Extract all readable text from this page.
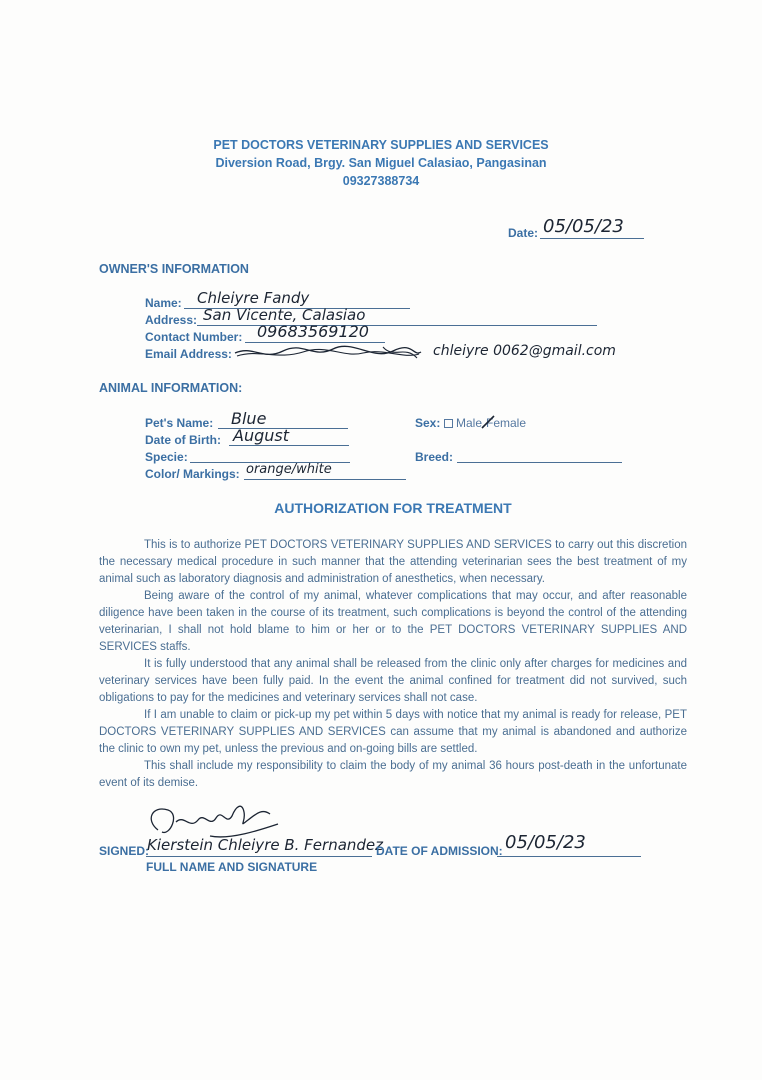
PET DOCTORS VETERINARY SUPPLIES AND SERVICES
Diversion Road, Brgy. San Miguel Calasiao, Pangasinan
09327388734
Date: 05/05/23
OWNER'S INFORMATION
Name: Chleiyre Fandy
Address: San Vicente, Calasiao
Contact Number: 09683569120
Email Address:	chleiyre 0062@gmail.com
ANIMAL INFORMATION:
Pet's Name: Blue
Date of Birth: August
Specie:
Color/ Markings: orange/white
Sex:	Male Female
Breed:
AUTHORIZATION FOR TREATMENT

This is to authorize PET DOCTORS VETERINARY SUPPLIES AND SERVICES to carry out this discretion the necessary medical procedure in such manner that the attending veterinarian sees the best treatment of my animal such as laboratory diagnosis and administration of anesthetics, when necessary.

Being aware of the control of my animal, whatever complications that may occur, and after reasonable diligence have been taken in the course of its treatment, such complications is beyond the control of the attending veterinarian, I shall not hold blame to him or her or to the PET DOCTORS VETERINARY SUPPLIES AND SERVICES staffs.

It is fully understood that any animal shall be released from the clinic only after charges for medicines and veterinary services have been fully paid. In the event the animal confined for treatment did not survived, such obligations to pay for the medicines and veterinary services shall not case.

If I am unable to claim or pick-up my pet within 5 days with notice that my animal is ready for release, PET DOCTORS VETERINARY SUPPLIES AND SERVICES can assume that my animal is abandoned and authorize the clinic to own my pet, unless the previous and on-going bills are settled.

This shall include my responsibility to claim the body of my animal 36 hours post-death in the unfortunate event of its demise.

SIGNED:
Kierstein Chleiyre B. Fernandez
FULL NAME AND SIGNATURE
DATE OF ADMISSION: 05/05/23
